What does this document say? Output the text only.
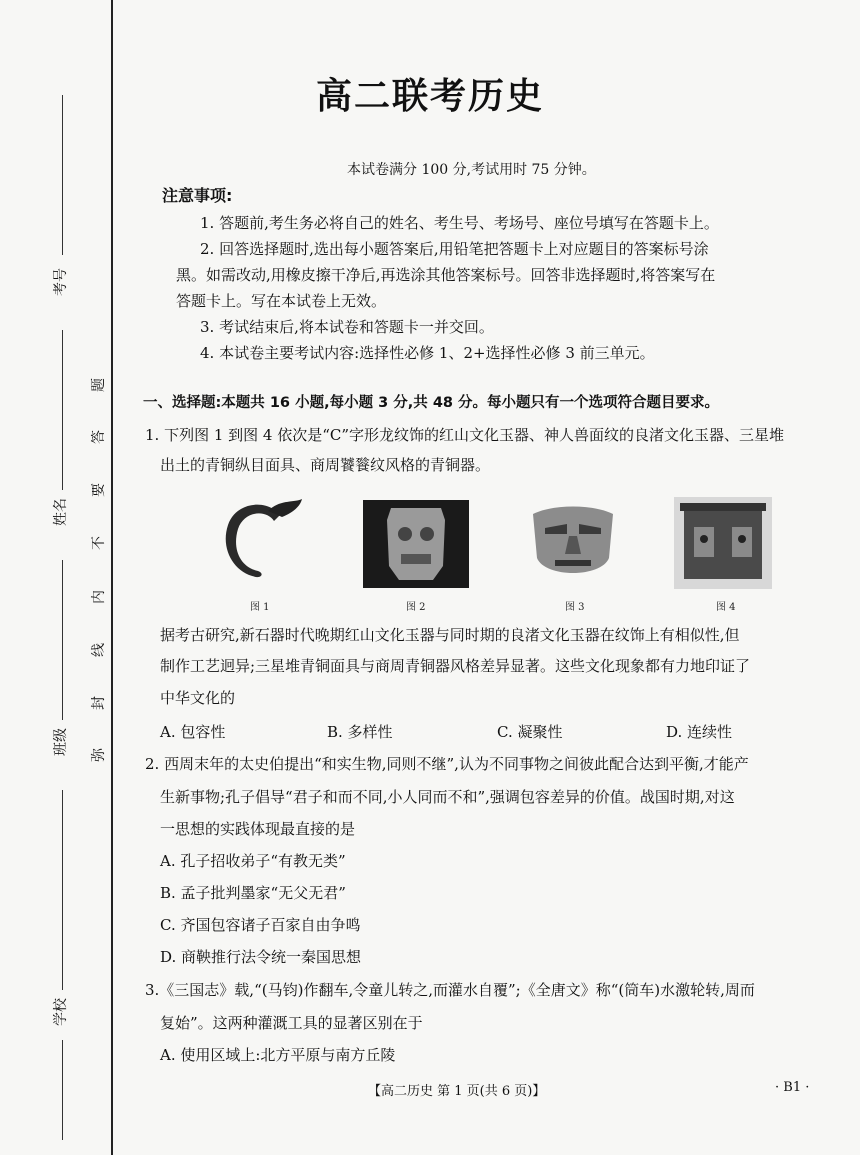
考号
姓名
班级
学校
题
答
要
不
内
线
封
弥
高二联考历史
本试卷满分 100 分,考试用时 75 分钟。
注意事项:
1. 答题前,考生务必将自己的姓名、考生号、考场号、座位号填写在答题卡上。
2. 回答选择题时,选出每小题答案后,用铅笔把答题卡上对应题目的答案标号涂
黑。如需改动,用橡皮擦干净后,再选涂其他答案标号。回答非选择题时,将答案写在
答题卡上。写在本试卷上无效。
3. 考试结束后,将本试卷和答题卡一并交回。
4. 本试卷主要考试内容:选择性必修 1、2+选择性必修 3 前三单元。
一、选择题:本题共 16 小题,每小题 3 分,共 48 分。每小题只有一个选项符合题目要求。
1. 下列图 1 到图 4 依次是“C”字形龙纹饰的红山文化玉器、神人兽面纹的良渚文化玉器、三星堆
出土的青铜纵目面具、商周饕餮纹风格的青铜器。
图 1	图 2	图 3	图 4
据考古研究,新石器时代晚期红山文化玉器与同时期的良渚文化玉器在纹饰上有相似性,但
制作工艺迥异;三星堆青铜面具与商周青铜器风格差异显著。这些文化现象都有力地印证了
中华文化的
A. 包容性	B. 多样性	C. 凝聚性	D. 连续性
2. 西周末年的太史伯提出“和实生物,同则不继”,认为不同事物之间彼此配合达到平衡,才能产
生新事物;孔子倡导“君子和而不同,小人同而不和”,强调包容差异的价值。战国时期,对这
一思想的实践体现最直接的是
A. 孔子招收弟子“有教无类”
B. 孟子批判墨家“无父无君”
C. 齐国包容诸子百家自由争鸣
D. 商鞅推行法令统一秦国思想
3.《三国志》载,“(马钧)作翻车,令童儿转之,而灌水自覆”;《全唐文》称“(筒车)水激轮转,周而
复始”。这两种灌溉工具的显著区别在于
A. 使用区域上:北方平原与南方丘陵
【高二历史 第 1 页(共 6 页)】	· B1 ·
